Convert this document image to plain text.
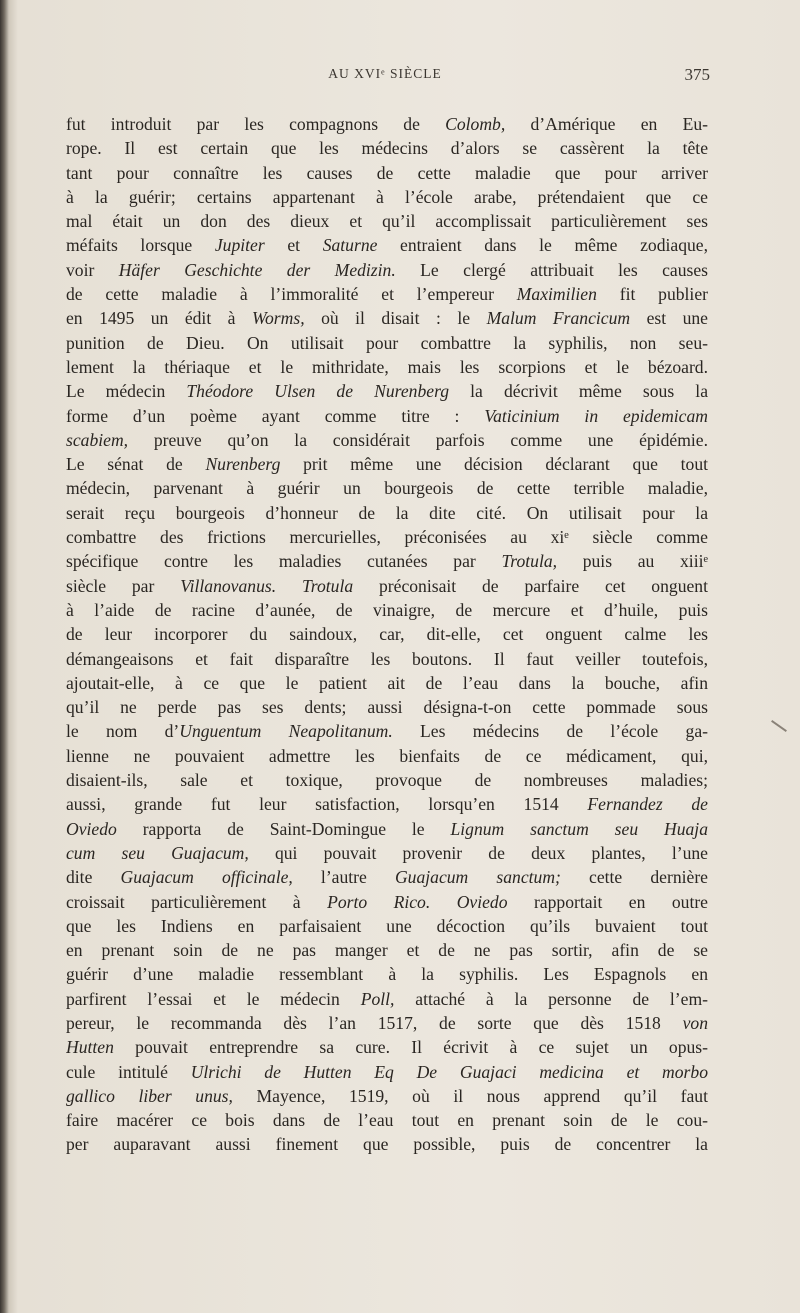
AU XVIᵉ SIÈCLE	375
fut introduit par les compagnons de Colomb, d’Amérique en Eu-
rope. Il est certain que les médecins d’alors se cassèrent la tête
tant pour connaître les causes de cette maladie que pour arriver
à la guérir; certains appartenant à l’école arabe, prétendaient que ce
mal était un don des dieux et qu’il accomplissait particulièrement ses
méfaits lorsque Jupiter et Saturne entraient dans le même zodiaque,
voir Häfer Geschichte der Medizin. Le clergé attribuait les causes
de cette maladie à l’immoralité et l’empereur Maximilien fit publier
en 1495 un édit à Worms, où il disait : le Malum Francicum est une
punition de Dieu. On utilisait pour combattre la syphilis, non seu-
lement la thériaque et le mithridate, mais les scorpions et le bézoard.
Le médecin Théodore Ulsen de Nurenberg la décrivit même sous la
forme d’un poème ayant comme titre : Vaticinium in epidemicam
scabiem, preuve qu’on la considérait parfois comme une épidémie.
Le sénat de Nurenberg prit même une décision déclarant que tout
médecin, parvenant à guérir un bourgeois de cette terrible maladie,
serait reçu bourgeois d’honneur de la dite cité. On utilisait pour la
combattre des frictions mercurielles, préconisées au xiᵉ siècle comme
spécifique contre les maladies cutanées par Trotula, puis au xiiiᵉ
siècle par Villanovanus. Trotula préconisait de parfaire cet onguent
à l’aide de racine d’aunée, de vinaigre, de mercure et d’huile, puis
de leur incorporer du saindoux, car, dit-elle, cet onguent calme les
démangeaisons et fait disparaître les boutons. Il faut veiller toutefois,
ajoutait-elle, à ce que le patient ait de l’eau dans la bouche, afin
qu’il ne perde pas ses dents; aussi désigna-t-on cette pommade sous
le nom d’Unguentum Neapolitanum. Les médecins de l’école ga-
lienne ne pouvaient admettre les bienfaits de ce médicament, qui,
disaient-ils, sale et toxique, provoque de nombreuses maladies;
aussi, grande fut leur satisfaction, lorsqu’en 1514 Fernandez de
Oviedo rapporta de Saint-Domingue le Lignum sanctum seu Huaja
cum seu Guajacum, qui pouvait provenir de deux plantes, l’une
dite Guajacum officinale, l’autre Guajacum sanctum; cette dernière
croissait particulièrement à Porto Rico. Oviedo rapportait en outre
que les Indiens en parfaisaient une décoction qu’ils buvaient tout
en prenant soin de ne pas manger et de ne pas sortir, afin de se
guérir d’une maladie ressemblant à la syphilis. Les Espagnols en
parfirent l’essai et le médecin Poll, attaché à la personne de l’em-
pereur, le recommanda dès l’an 1517, de sorte que dès 1518 von
Hutten pouvait entreprendre sa cure. Il écrivit à ce sujet un opus-
cule intitulé Ulrichi de Hutten Eq De Guajaci medicina et morbo
gallico liber unus, Mayence, 1519, où il nous apprend qu’il faut
faire macérer ce bois dans de l’eau tout en prenant soin de le cou-
per auparavant aussi finement que possible, puis de concentrer la
